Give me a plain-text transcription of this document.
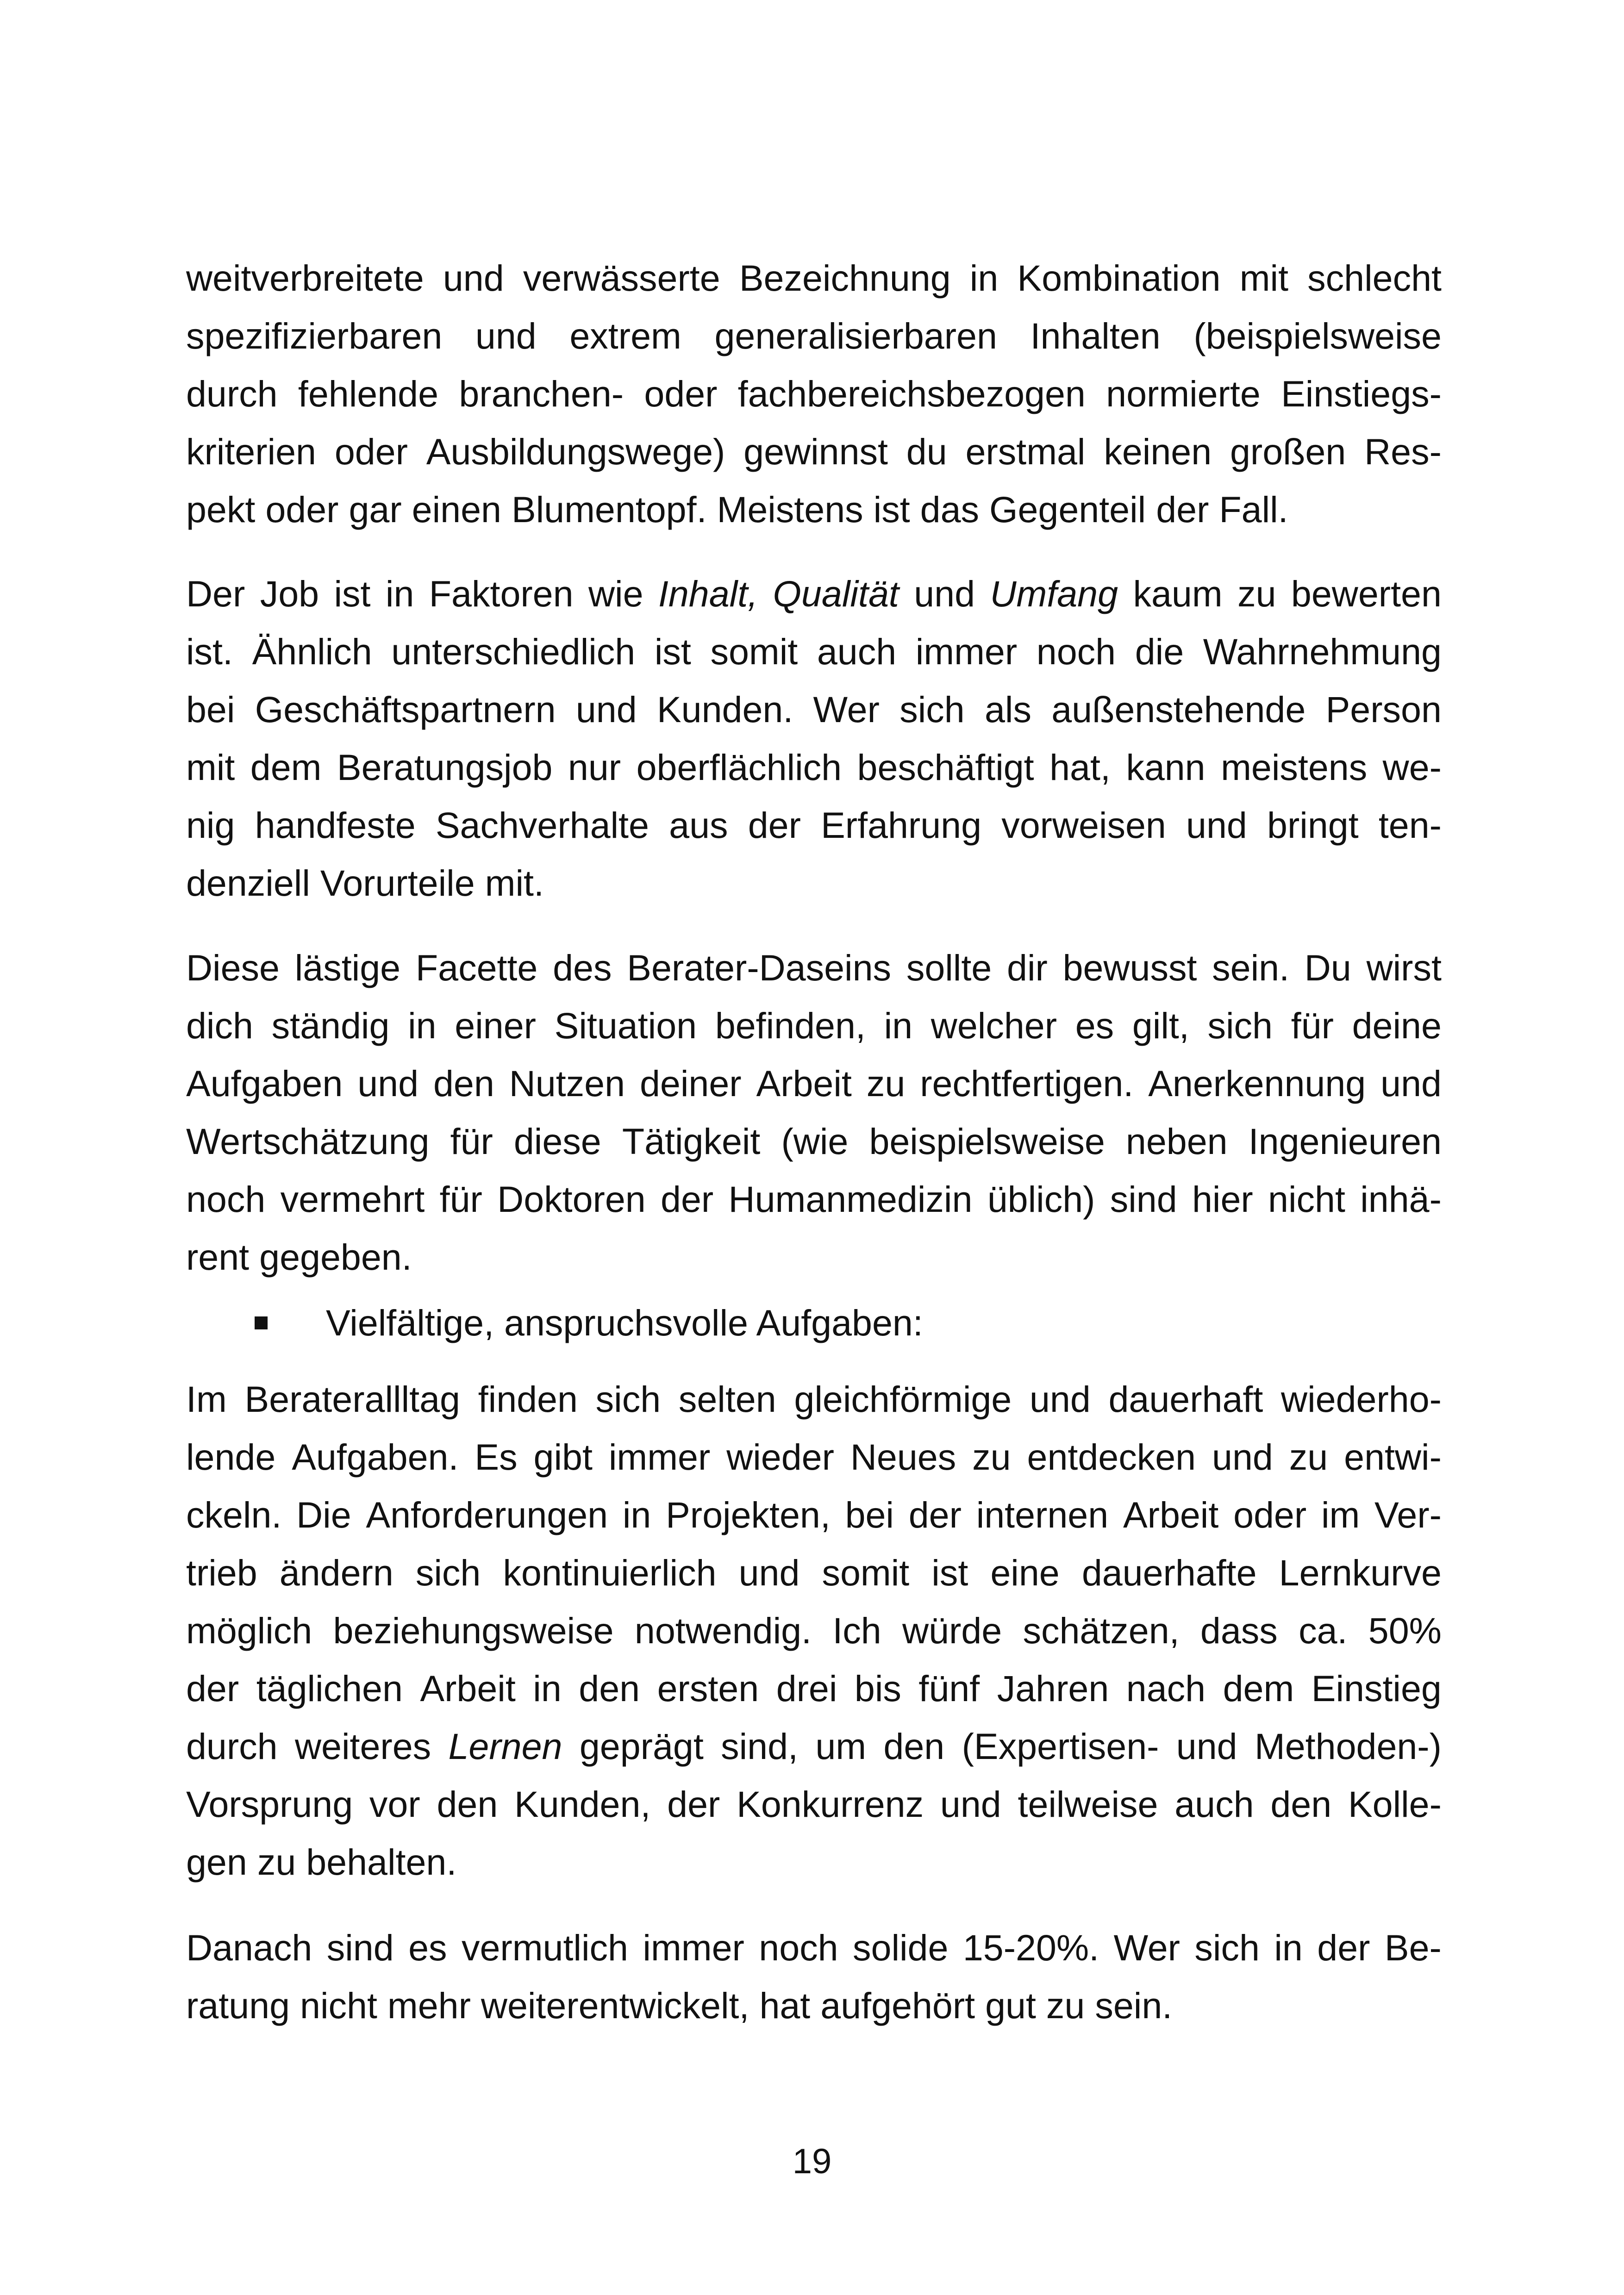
weitverbreitete und verwässerte Bezeichnung in Kombination mit schlecht
spezifizierbaren und extrem generalisierbaren Inhalten (beispielsweise
durch fehlende branchen- oder fachbereichsbezogen normierte Einstiegs-
kriterien oder Ausbildungswege) gewinnst du erstmal keinen großen Res-
pekt oder gar einen Blumentopf. Meistens ist das Gegenteil der Fall.
Der Job ist in Faktoren wie Inhalt, Qualität und Umfang kaum zu bewerten
ist. Ähnlich unterschiedlich ist somit auch immer noch die Wahrnehmung
bei Geschäftspartnern und Kunden. Wer sich als außenstehende Person
mit dem Beratungsjob nur oberflächlich beschäftigt hat, kann meistens we-
nig handfeste Sachverhalte aus der Erfahrung vorweisen und bringt ten-
denziell Vorurteile mit.
Diese lästige Facette des Berater-Daseins sollte dir bewusst sein. Du wirst
dich ständig in einer Situation befinden, in welcher es gilt, sich für deine
Aufgaben und den Nutzen deiner Arbeit zu rechtfertigen. Anerkennung und
Wertschätzung für diese Tätigkeit (wie beispielsweise neben Ingenieuren
noch vermehrt für Doktoren der Humanmedizin üblich) sind hier nicht inhä-
rent gegeben.
Vielfältige, anspruchsvolle Aufgaben:
Im Beraterallltag finden sich selten gleichförmige und dauerhaft wiederho-
lende Aufgaben. Es gibt immer wieder Neues zu entdecken und zu entwi-
ckeln. Die Anforderungen in Projekten, bei der internen Arbeit oder im Ver-
trieb ändern sich kontinuierlich und somit ist eine dauerhafte Lernkurve
möglich beziehungsweise notwendig. Ich würde schätzen, dass ca. 50%
der täglichen Arbeit in den ersten drei bis fünf Jahren nach dem Einstieg
durch weiteres Lernen geprägt sind, um den (Expertisen- und Methoden-)
Vorsprung vor den Kunden, der Konkurrenz und teilweise auch den Kolle-
gen zu behalten.
Danach sind es vermutlich immer noch solide 15-20%. Wer sich in der Be-
ratung nicht mehr weiterentwickelt, hat aufgehört gut zu sein.
19
